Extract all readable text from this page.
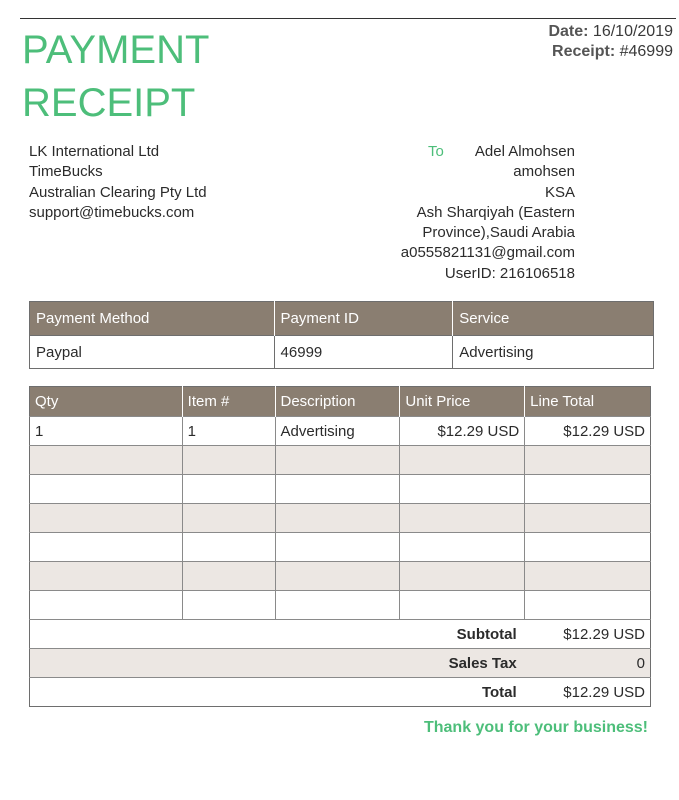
PAYMENT
RECEIPT
Date: 16/10/2019
Receipt: #46999
LK International Ltd
TimeBucks
Australian Clearing Pty Ltd
support@timebucks.com
To	Adel Almohsen
amohsen
KSA
Ash Sharqiyah (Eastern
Province),Saudi Arabia
a0555821131@gmail.com
UserID: 216106518
Payment Method	Payment ID	Service
Paypal	46999	Advertising
Qty	Item #	Description	Unit Price	Line Total
1	1	Advertising	$12.29 USD	$12.29 USD

Subtotal				$12.29 USD
Sales Tax				0
Total				$12.29 USD
Thank you for your business!
